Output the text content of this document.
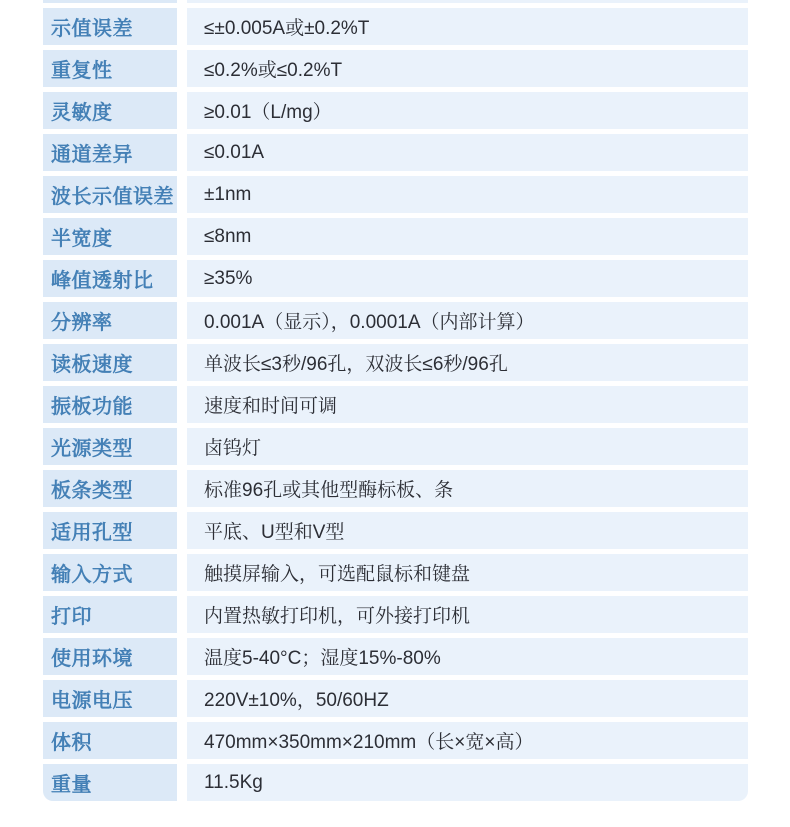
示值误差	≤±0.005A或±0.2%T
重复性	≤0.2%或≤0.2%T
灵敏度	≥0.01（L/mg）
通道差异	≤0.01A
波长示值误差	±1nm
半宽度	≤8nm
峰值透射比	≥35%
分辨率	0.001A（显示），0.0001A（内部计算）
读板速度	单波长≤3秒/96孔，双波长≤6秒/96孔
振板功能	速度和时间可调
光源类型	卤钨灯
板条类型	标准96孔或其他型酶标板、条
适用孔型	平底、U型和V型
输入方式	触摸屏输入，可选配鼠标和键盘
打印	内置热敏打印机，可外接打印机
使用环境	温度5-40°C；湿度15%-80%
电源电压	220V±10%，50/60HZ
体积	470mm×350mm×210mm（长×宽×高）
重量	11.5Kg
